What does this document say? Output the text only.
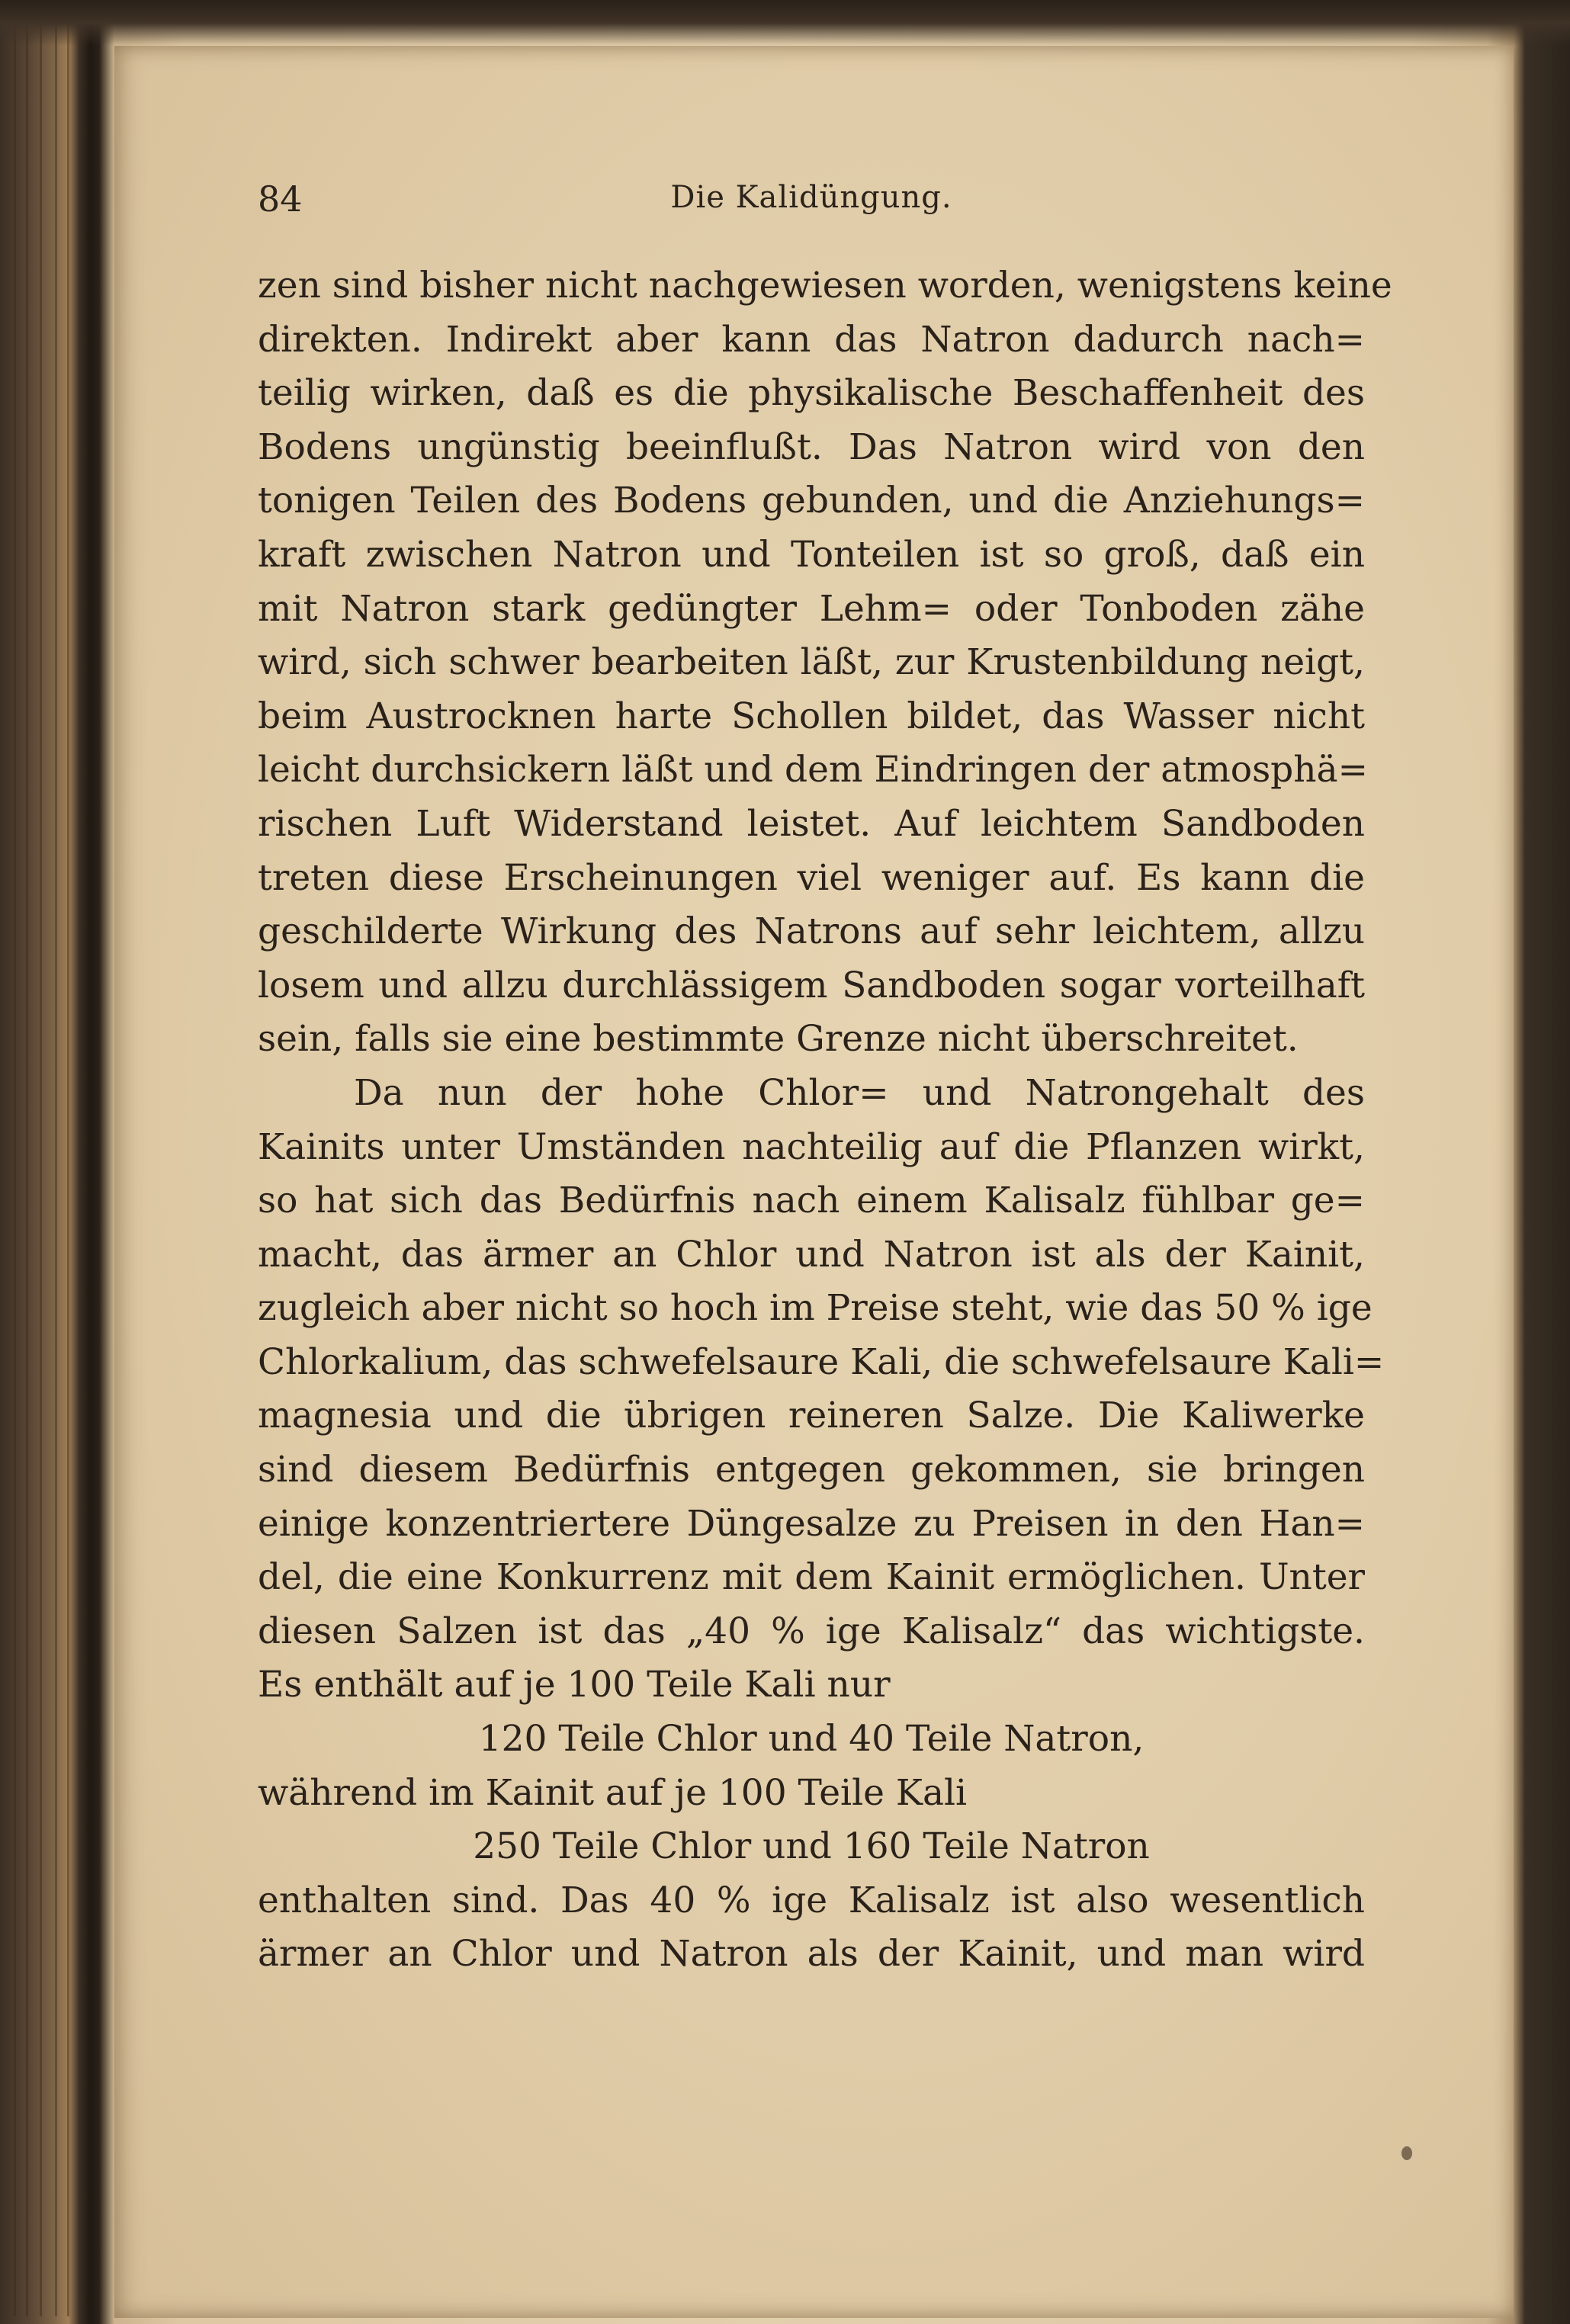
84	Die Kalidüngung.
zen sind bisher nicht nachgewiesen worden, wenigstens keine
direkten. Indirekt aber kann das Natron dadurch nach=
teilig wirken, daß es die physikalische Beschaffenheit des
Bodens ungünstig beeinflußt. Das Natron wird von den
tonigen Teilen des Bodens gebunden, und die Anziehungs=
kraft zwischen Natron und Tonteilen ist so groß, daß ein
mit Natron stark gedüngter Lehm= oder Tonboden zähe
wird, sich schwer bearbeiten läßt, zur Krustenbildung neigt,
beim Austrocknen harte Schollen bildet, das Wasser nicht
leicht durchsickern läßt und dem Eindringen der atmosphä=
rischen Luft Widerstand leistet. Auf leichtem Sandboden
treten diese Erscheinungen viel weniger auf. Es kann die
geschilderte Wirkung des Natrons auf sehr leichtem, allzu
losem und allzu durchlässigem Sandboden sogar vorteilhaft
sein, falls sie eine bestimmte Grenze nicht überschreitet.
Da nun der hohe Chlor= und Natrongehalt des
Kainits unter Umständen nachteilig auf die Pflanzen wirkt,
so hat sich das Bedürfnis nach einem Kalisalz fühlbar ge=
macht, das ärmer an Chlor und Natron ist als der Kainit,
zugleich aber nicht so hoch im Preise steht, wie das 50 % ige
Chlorkalium, das schwefelsaure Kali, die schwefelsaure Kali=
magnesia und die übrigen reineren Salze. Die Kaliwerke
sind diesem Bedürfnis entgegen gekommen, sie bringen
einige konzentriertere Düngesalze zu Preisen in den Han=
del, die eine Konkurrenz mit dem Kainit ermöglichen. Unter
diesen Salzen ist das „40 % ige Kalisalz“ das wichtigste.
Es enthält auf je 100 Teile Kali nur
120 Teile Chlor und 40 Teile Natron,
während im Kainit auf je 100 Teile Kali
250 Teile Chlor und 160 Teile Natron
enthalten sind. Das 40 % ige Kalisalz ist also wesentlich
ärmer an Chlor und Natron als der Kainit, und man wird
